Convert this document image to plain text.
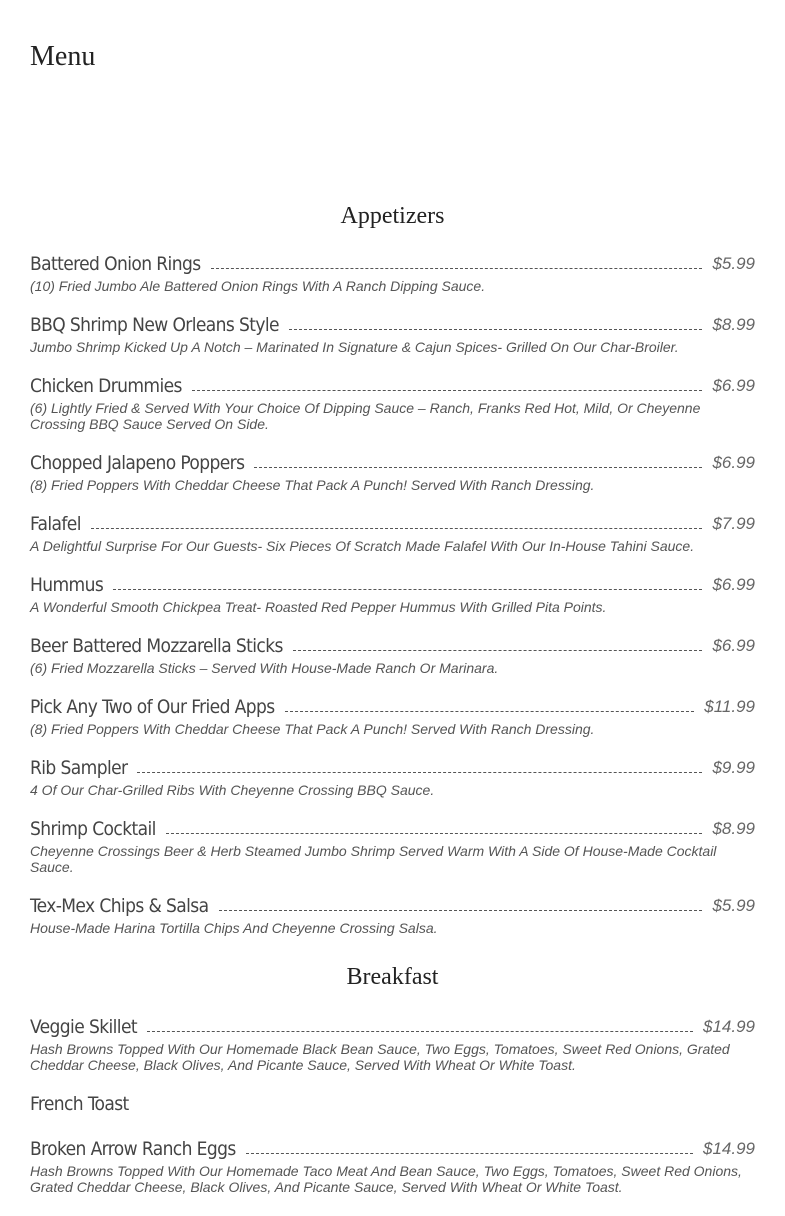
Menu
Appetizers
Battered Onion Rings	$5.99

(10) Fried Jumbo Ale Battered Onion Rings With A Ranch Dipping Sauce.

BBQ Shrimp New Orleans Style	$8.99

Jumbo Shrimp Kicked Up A Notch – Marinated In Signature & Cajun Spices- Grilled On Our Char-Broiler.

Chicken Drummies	$6.99

(6) Lightly Fried & Served With Your Choice Of Dipping Sauce – Ranch, Franks Red Hot, Mild, Or Cheyenne Crossing BBQ Sauce Served On Side.

Chopped Jalapeno Poppers	$6.99

(8) Fried Poppers With Cheddar Cheese That Pack A Punch! Served With Ranch Dressing.

Falafel	$7.99

A Delightful Surprise For Our Guests- Six Pieces Of Scratch Made Falafel With Our In-House Tahini Sauce.

Hummus	$6.99

A Wonderful Smooth Chickpea Treat- Roasted Red Pepper Hummus With Grilled Pita Points.

Beer Battered Mozzarella Sticks	$6.99

(6) Fried Mozzarella Sticks – Served With House-Made Ranch Or Marinara.

Pick Any Two of Our Fried Apps	$11.99

(8) Fried Poppers With Cheddar Cheese That Pack A Punch! Served With Ranch Dressing.

Rib Sampler	$9.99

4 Of Our Char-Grilled Ribs With Cheyenne Crossing BBQ Sauce.

Shrimp Cocktail	$8.99

Cheyenne Crossings Beer & Herb Steamed Jumbo Shrimp Served Warm With A Side Of House-Made Cocktail Sauce.

Tex-Mex Chips & Salsa	$5.99

House-Made Harina Tortilla Chips And Cheyenne Crossing Salsa.

Breakfast
Veggie Skillet	$14.99

Hash Browns Topped With Our Homemade Black Bean Sauce, Two Eggs, Tomatoes, Sweet Red Onions, Grated Cheddar Cheese, Black Olives, And Picante Sauce, Served With Wheat Or White Toast.

French Toast
Broken Arrow Ranch Eggs	$14.99

Hash Browns Topped With Our Homemade Taco Meat And Bean Sauce, Two Eggs, Tomatoes, Sweet Red Onions, Grated Cheddar Cheese, Black Olives, And Picante Sauce, Served With Wheat Or White Toast.
